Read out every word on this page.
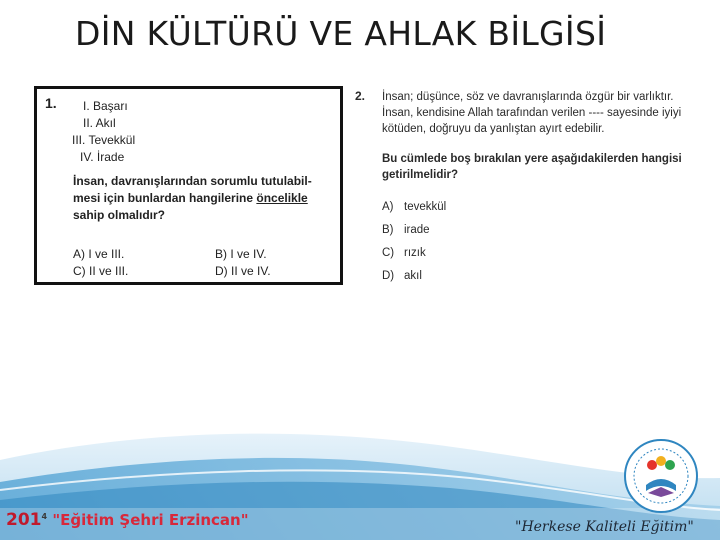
DİN KÜLTÜRÜ VE AHLAK BİLGİSİ
1.	I. Başarı
II. Akıl
III. Tevekkül
IV. İrade
İnsan, davranışlarından sorumlu tutulabil-mesi için bunlardan hangilerine öncelikle sahip olmalıdır?
A) I ve III.	B) I ve IV.
C) II ve III.	D) II ve IV.
2. İnsan; düşünce, söz ve davranışlarında özgür bir varlıktır. İnsan, kendisine Allah tarafından verilen ---- sayesinde iyiyi kötüden, doğruyu da yanlıştan ayırt edebilir.
Bu cümlede boş bırakılan yere aşağıdakilerden hangisi getirilmelidir?
A) tevekkül
B) irade
C) rızık
D) akıl
$201^4$ "Eğitim Şehri Erzincan"	"Herkese Kaliteli Eğitim"
